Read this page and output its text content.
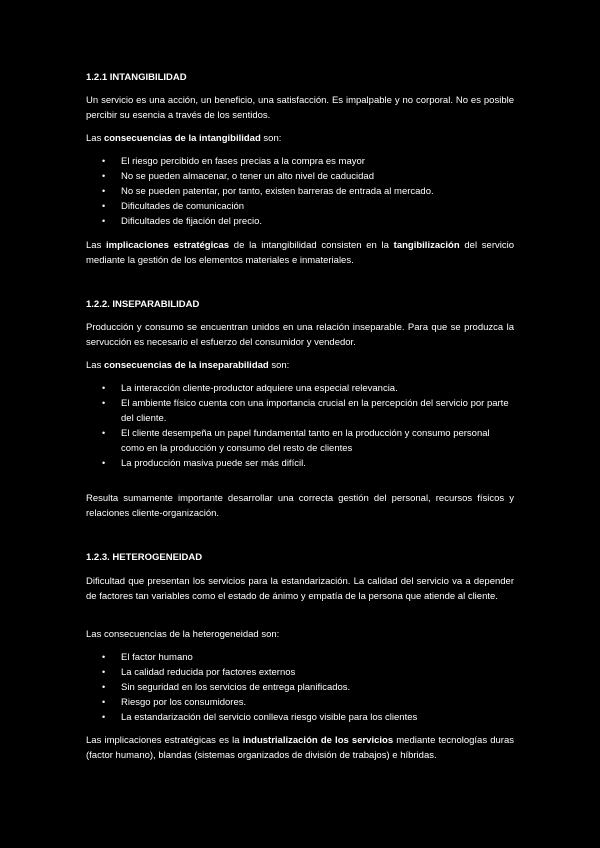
1.2.1 INTANGIBILIDAD

Un servicio es una acción, un beneficio, una satisfacción. Es impalpable y no corporal. No es posible percibir su esencia a través de los sentidos.

Las consecuencias de la intangibilidad son:

• El riesgo percibido en fases precias a la compra es mayor
• No se pueden almacenar, o tener un alto nivel de caducidad
• No se pueden patentar, por tanto, existen barreras de entrada al mercado.
• Dificultades de comunicación
• Dificultades de fijación del precio.

Las implicaciones estratégicas de la intangibilidad consisten en la tangibilización del servicio mediante la gestión de los elementos materiales e inmateriales.

1.2.2. INSEPARABILIDAD

Producción y consumo se encuentran unidos en una relación inseparable. Para que se produzca la servucción es necesario el esfuerzo del consumidor y vendedor.

Las consecuencias de la inseparabilidad son:

• La interacción cliente-productor adquiere una especial relevancia.
• El ambiente físico cuenta con una importancia crucial en la percepción del servicio por parte del cliente.
• El cliente desempeña un papel fundamental tanto en la producción y consumo personal como en la producción y consumo del resto de clientes
• La producción masiva puede ser más difícil.

Resulta sumamente importante desarrollar una correcta gestión del personal, recursos físicos y relaciones cliente-organización.

1.2.3. HETEROGENEIDAD

Dificultad que presentan los servicios para la estandarización. La calidad del servicio va a depender de factores tan variables como el estado de ánimo y empatía de la persona que atiende al cliente.

Las consecuencias de la heterogeneidad son:

• El factor humano
• La calidad reducida por factores externos
• Sin seguridad en los servicios de entrega planificados.
• Riesgo por los consumidores.
• La estandarización del servicio conlleva riesgo visible para los clientes

Las implicaciones estratégicas es la industrialización de los servicios mediante tecnologías duras (factor humano), blandas (sistemas organizados de división de trabajos) e híbridas.
